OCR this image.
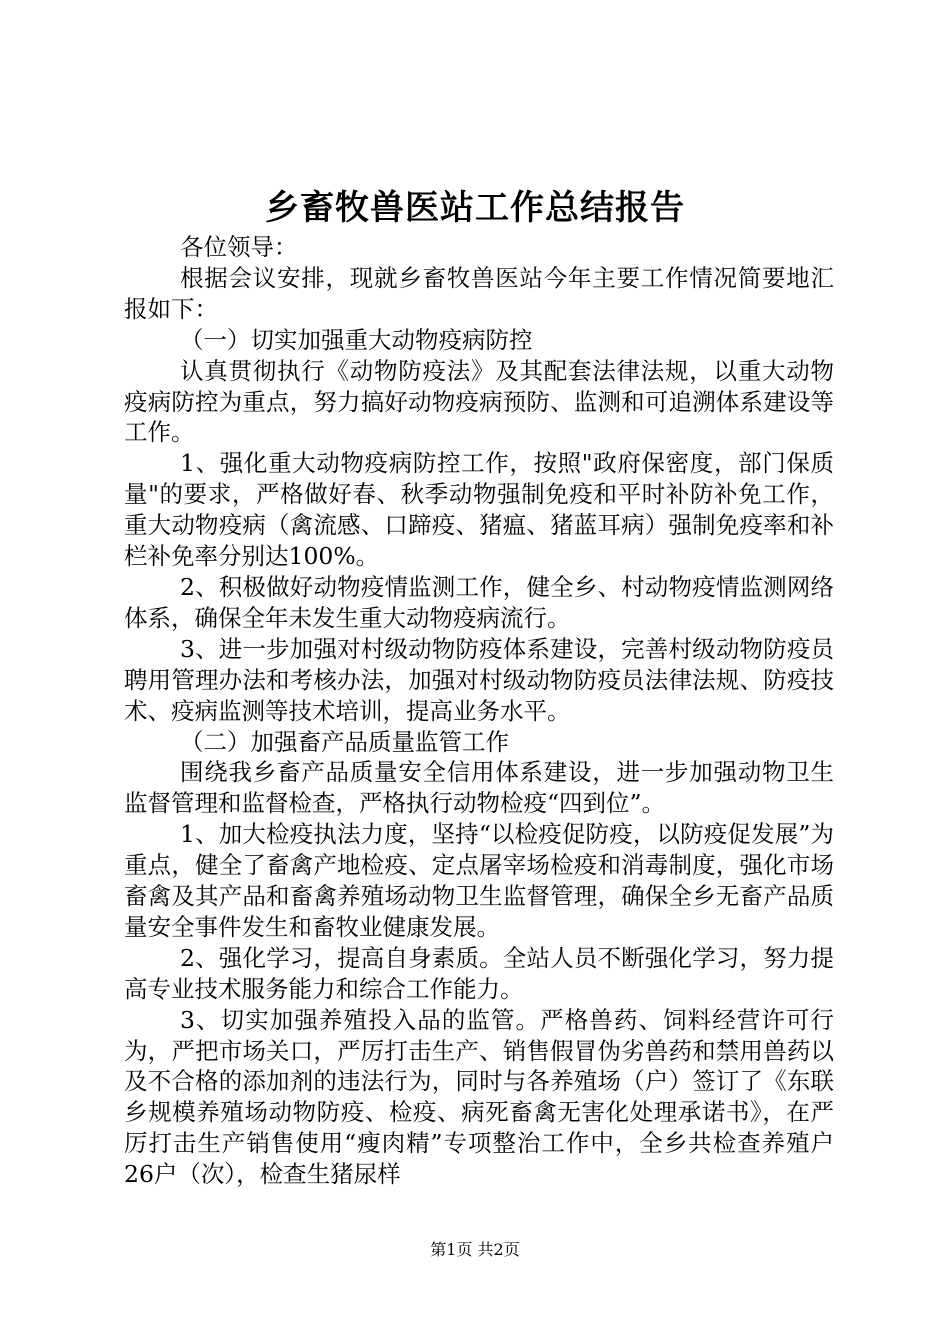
乡畜牧兽医站工作总结报告

各位领导：

根据会议安排，现就乡畜牧兽医站今年主要工作情况简要地汇报如下：

（一）切实加强重大动物疫病防控

认真贯彻执行《动物防疫法》及其配套法律法规，以重大动物疫病防控为重点，努力搞好动物疫病预防、监测和可追溯体系建设等工作。

1、强化重大动物疫病防控工作，按照"政府保密度，部门保质量"的要求，严格做好春、秋季动物强制免疫和平时补防补免工作，重大动物疫病（禽流感、口蹄疫、猪瘟、猪蓝耳病）强制免疫率和补栏补免率分别达100%。

2、积极做好动物疫情监测工作，健全乡、村动物疫情监测网络体系，确保全年未发生重大动物疫病流行。

3、进一步加强对村级动物防疫体系建设，完善村级动物防疫员聘用管理办法和考核办法，加强对村级动物防疫员法律法规、防疫技术、疫病监测等技术培训，提高业务水平。

（二）加强畜产品质量监管工作

围绕我乡畜产品质量安全信用体系建设，进一步加强动物卫生监督管理和监督检查，严格执行动物检疫“四到位”。

1、加大检疫执法力度，坚持“以检疫促防疫，以防疫促发展”为重点，健全了畜禽产地检疫、定点屠宰场检疫和消毒制度，强化市场畜禽及其产品和畜禽养殖场动物卫生监督管理，确保全乡无畜产品质量安全事件发生和畜牧业健康发展。

2、强化学习，提高自身素质。全站人员不断强化学习，努力提高专业技术服务能力和综合工作能力。

3、切实加强养殖投入品的监管。严格兽药、饲料经营许可行为，严把市场关口，严厉打击生产、销售假冒伪劣兽药和禁用兽药以及不合格的添加剂的违法行为，同时与各养殖场（户）签订了《东联乡规模养殖场动物防疫、检疫、病死畜禽无害化处理承诺书》，在严厉打击生产销售使用“瘦肉精”专项整治工作中，全乡共检查养殖户26户（次），检查生猪尿样

第1页 共2页
